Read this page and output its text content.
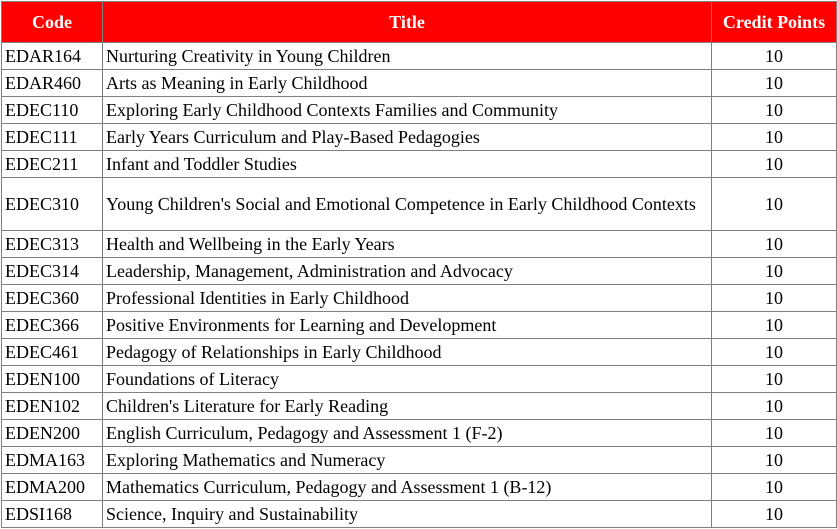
Code	Title	Credit Points
EDAR164	Nurturing Creativity in Young Children	10
EDAR460	Arts as Meaning in Early Childhood	10
EDEC110	Exploring Early Childhood Contexts Families and Community	10
EDEC111	Early Years Curriculum and Play-Based Pedagogies	10
EDEC211	Infant and Toddler Studies	10
EDEC310	Young Children's Social and Emotional Competence in Early Childhood Contexts	10
EDEC313	Health and Wellbeing in the Early Years	10
EDEC314	Leadership, Management, Administration and Advocacy	10
EDEC360	Professional Identities in Early Childhood	10
EDEC366	Positive Environments for Learning and Development	10
EDEC461	Pedagogy of Relationships in Early Childhood	10
EDEN100	Foundations of Literacy	10
EDEN102	Children's Literature for Early Reading	10
EDEN200	English Curriculum, Pedagogy and Assessment 1 (F-2)	10
EDMA163	Exploring Mathematics and Numeracy	10
EDMA200	Mathematics Curriculum, Pedagogy and Assessment 1 (B-12)	10
EDSI168	Science, Inquiry and Sustainability	10
